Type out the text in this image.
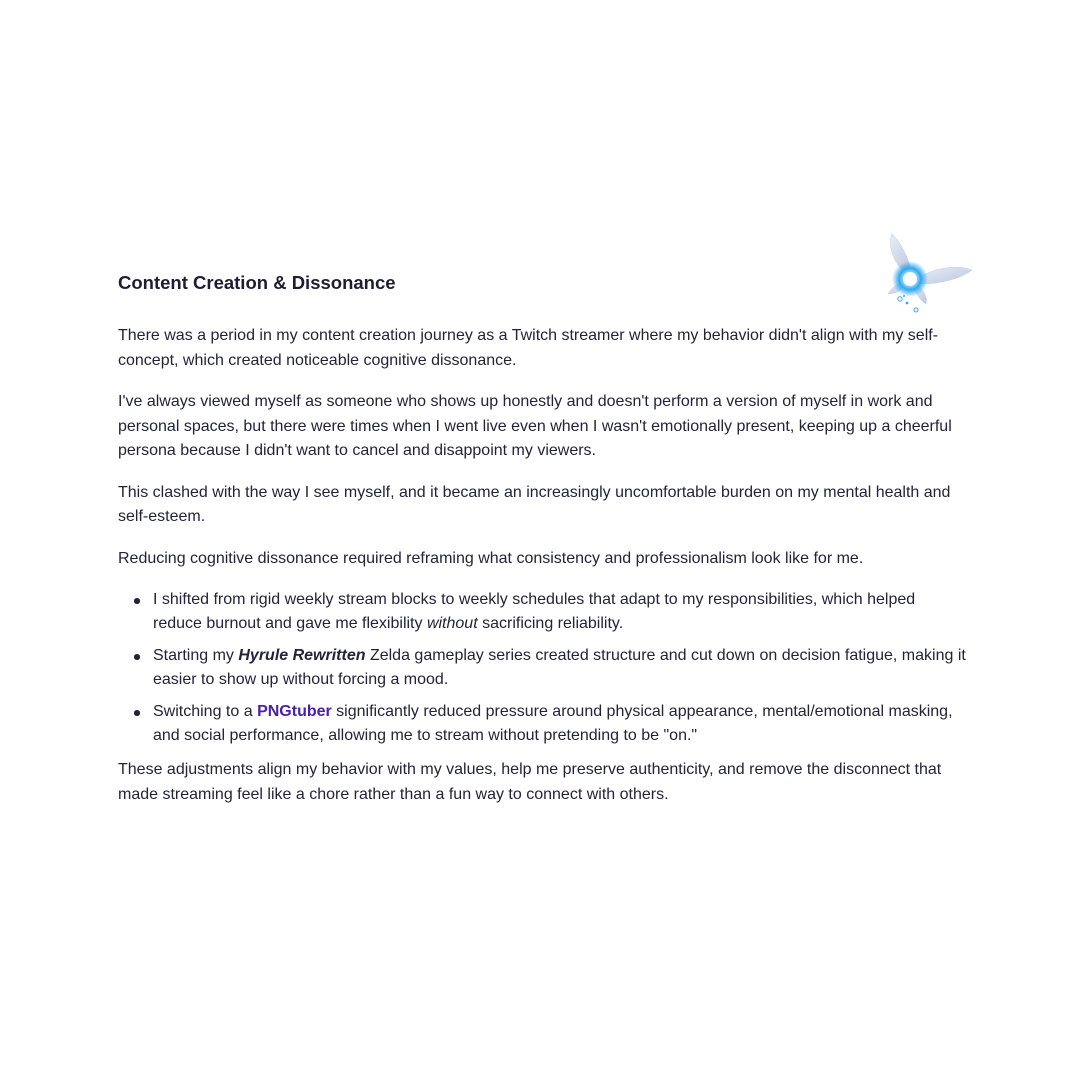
Content Creation & Dissonance

There was a period in my content creation journey as a Twitch streamer where my behavior didn't align with my self-concept, which created noticeable cognitive dissonance.

I've always viewed myself as someone who shows up honestly and doesn't perform a version of myself in work and personal spaces, but there were times when I went live even when I wasn't emotionally present, keeping up a cheerful persona because I didn't want to cancel and disappoint my viewers.

This clashed with the way I see myself, and it became an increasingly uncomfortable burden on my mental health and self-esteem.

Reducing cognitive dissonance required reframing what consistency and professionalism look like for me.

I shifted from rigid weekly stream blocks to weekly schedules that adapt to my responsibilities, which helped reduce burnout and gave me flexibility without sacrificing reliability.
Starting my Hyrule Rewritten Zelda gameplay series created structure and cut down on decision fatigue, making it easier to show up without forcing a mood.
Switching to a PNGtuber significantly reduced pressure around physical appearance, mental/emotional masking, and social performance, allowing me to stream without pretending to be "on."

These adjustments align my behavior with my values, help me preserve authenticity, and remove the disconnect that made streaming feel like a chore rather than a fun way to connect with others.
